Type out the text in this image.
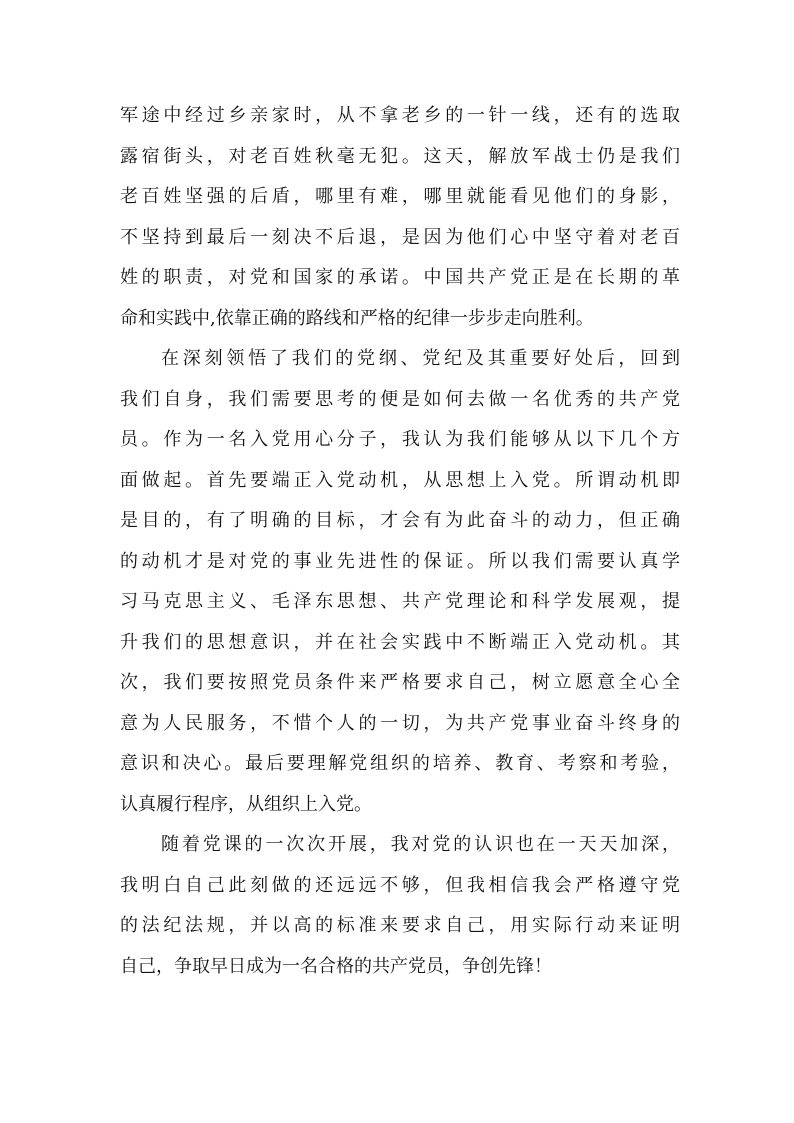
军途中经过乡亲家时，从不拿老乡的一针一线，还有的选取
露宿街头，对老百姓秋毫无犯。这天，解放军战士仍是我们
老百姓坚强的后盾，哪里有难，哪里就能看见他们的身影，
不坚持到最后一刻决不后退，是因为他们心中坚守着对老百
姓的职责，对党和国家的承诺。中国共产党正是在长期的革
命和实践中,依靠正确的路线和严格的纪律一步步走向胜利。
在深刻领悟了我们的党纲、党纪及其重要好处后，回到
我们自身，我们需要思考的便是如何去做一名优秀的共产党
员。作为一名入党用心分子，我认为我们能够从以下几个方
面做起。首先要端正入党动机，从思想上入党。所谓动机即
是目的，有了明确的目标，才会有为此奋斗的动力，但正确
的动机才是对党的事业先进性的保证。所以我们需要认真学
习马克思主义、毛泽东思想、共产党理论和科学发展观，提
升我们的思想意识，并在社会实践中不断端正入党动机。其
次，我们要按照党员条件来严格要求自己，树立愿意全心全
意为人民服务，不惜个人的一切，为共产党事业奋斗终身的
意识和决心。最后要理解党组织的培养、教育、考察和考验，
认真履行程序，从组织上入党。
随着党课的一次次开展，我对党的认识也在一天天加深，
我明白自己此刻做的还远远不够，但我相信我会严格遵守党
的法纪法规，并以高的标准来要求自己，用实际行动来证明
自己，争取早日成为一名合格的共产党员，争创先锋！
